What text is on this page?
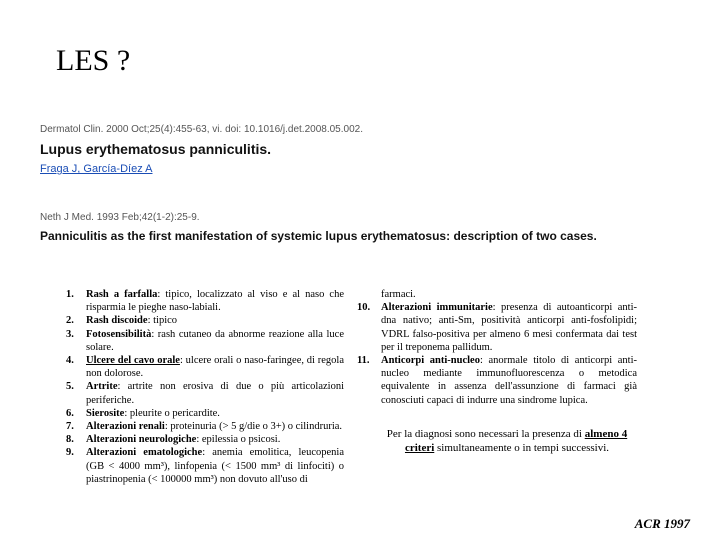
LES ?
Dermatol Clin. 2000 Oct;25(4):455-63, vi. doi: 10.1016/j.det.2008.05.002.
Lupus erythematosus panniculitis.
Fraga J, García-Díez A
Neth J Med. 1993 Feb;42(1-2):25-9.
Panniculitis as the first manifestation of systemic lupus erythematosus: description of two cases.
1. Rash a farfalla: tipico, localizzato al viso e al naso che risparmia le pieghe naso-labiali.
2. Rash discoide: tipico
3. Fotosensibilità: rash cutaneo da abnorme reazione alla luce solare.
4. Ulcere del cavo orale: ulcere orali o naso-faringee, di regola non dolorose.
5. Artrite: artrite non erosiva di due o più articolazioni periferiche.
6. Sierosite: pleurite o pericardite.
7. Alterazioni renali: proteinuria (> 5 g/die o 3+) o cilindruria.
8. Alterazioni neurologiche: epilessia o psicosi.
9. Alterazioni ematologiche: anemia emolitica, leucopenia (GB < 4000 mm³), linfopenia (< 1500 mm³ di linfociti) o piastrinopenia (< 100000 mm³) non dovuto all'uso di
farmaci.
10. Alterazioni immunitarie: presenza di autoanticorpi anti-dna nativo; anti-Sm, positività anticorpi anti-fosfolipidi; VDRL falso-positiva per almeno 6 mesi confermata dai test per il treponema pallidum.
11. Anticorpi anti-nucleo: anormale titolo di anticorpi anti-nucleo mediante immunofluorescenza o metodica equivalente in assenza dell'assunzione di farmaci già conosciuti capaci di indurre una sindrome lupica.
Per la diagnosi sono necessari la presenza di almeno 4 criteri simultaneamente o in tempi successivi.
ACR 1997
